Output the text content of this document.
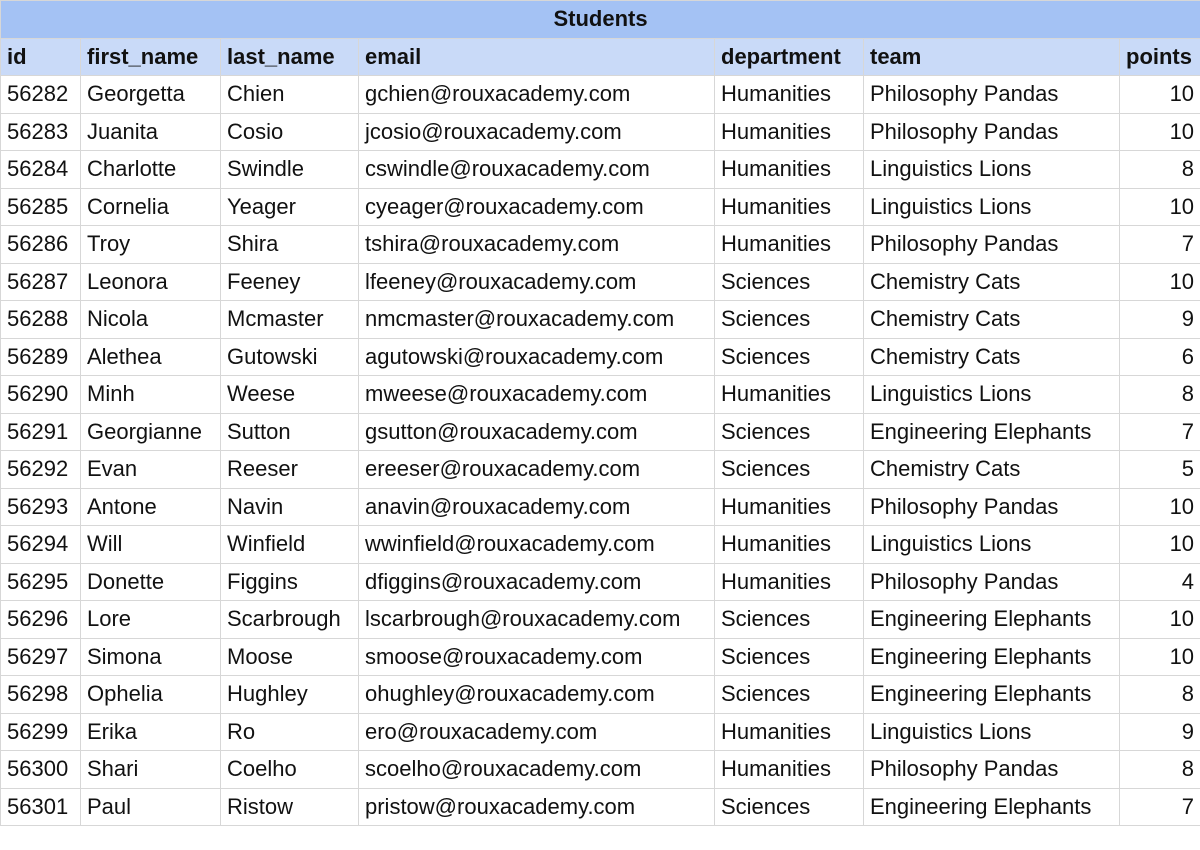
Students						
id	first_name	last_name	email	department	team	points
56282	Georgetta	Chien	gchien@rouxacademy.com	Humanities	Philosophy Pandas	10
56283	Juanita	Cosio	jcosio@rouxacademy.com	Humanities	Philosophy Pandas	10
56284	Charlotte	Swindle	cswindle@rouxacademy.com	Humanities	Linguistics Lions	8
56285	Cornelia	Yeager	cyeager@rouxacademy.com	Humanities	Linguistics Lions	10
56286	Troy	Shira	tshira@rouxacademy.com	Humanities	Philosophy Pandas	7
56287	Leonora	Feeney	lfeeney@rouxacademy.com	Sciences	Chemistry Cats	10
56288	Nicola	Mcmaster	nmcmaster@rouxacademy.com	Sciences	Chemistry Cats	9
56289	Alethea	Gutowski	agutowski@rouxacademy.com	Sciences	Chemistry Cats	6
56290	Minh	Weese	mweese@rouxacademy.com	Humanities	Linguistics Lions	8
56291	Georgianne	Sutton	gsutton@rouxacademy.com	Sciences	Engineering Elephants	7
56292	Evan	Reeser	ereeser@rouxacademy.com	Sciences	Chemistry Cats	5
56293	Antone	Navin	anavin@rouxacademy.com	Humanities	Philosophy Pandas	10
56294	Will	Winfield	wwinfield@rouxacademy.com	Humanities	Linguistics Lions	10
56295	Donette	Figgins	dfiggins@rouxacademy.com	Humanities	Philosophy Pandas	4
56296	Lore	Scarbrough	lscarbrough@rouxacademy.com	Sciences	Engineering Elephants	10
56297	Simona	Moose	smoose@rouxacademy.com	Sciences	Engineering Elephants	10
56298	Ophelia	Hughley	ohughley@rouxacademy.com	Sciences	Engineering Elephants	8
56299	Erika	Ro	ero@rouxacademy.com	Humanities	Linguistics Lions	9
56300	Shari	Coelho	scoelho@rouxacademy.com	Humanities	Philosophy Pandas	8
56301	Paul	Ristow	pristow@rouxacademy.com	Sciences	Engineering Elephants	7
